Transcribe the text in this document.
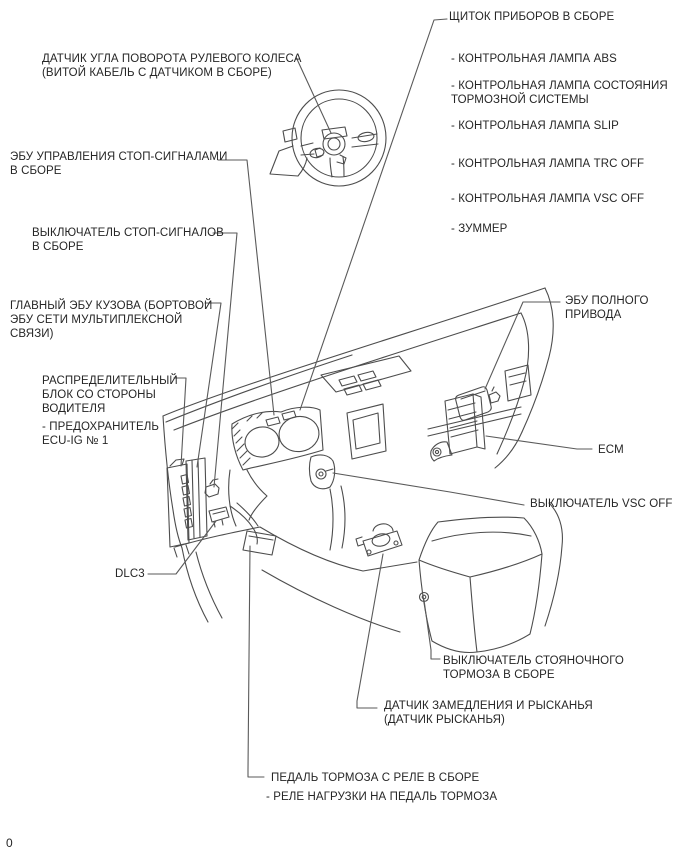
ДАТЧИК УГЛА ПОВОРОТА РУЛЕВОГО КОЛЕСА
(ВИТОЙ КАБЕЛЬ С ДАТЧИКОМ В СБОРЕ)
ЭБУ УПРАВЛЕНИЯ СТОП-СИГНАЛАМИ
В СБОРЕ
ЩИТОК ПРИБОРОВ В СБОРЕ
- КОНТРОЛЬНАЯ ЛАМПА ABS
- КОНТРОЛЬНАЯ ЛАМПА СОСТОЯНИЯ
ТОРМОЗНОЙ СИСТЕМЫ
- КОНТРОЛЬНАЯ ЛАМПА SLIP
- КОНТРОЛЬНАЯ ЛАМПА TRC OFF
- КОНТРОЛЬНАЯ ЛАМПА VSC OFF
- ЗУММЕР
ВЫКЛЮЧАТЕЛЬ СТОП-СИГНАЛОВ
В СБОРЕ
ГЛАВНЫЙ ЭБУ КУЗОВА (БОРТОВОЙ
ЭБУ СЕТИ МУЛЬТИПЛЕКСНОЙ
СВЯЗИ)
РАСПРЕДЕЛИТЕЛЬНЫЙ
БЛОК СО СТОРОНЫ
ВОДИТЕЛЯ
- ПРЕДОХРАНИТЕЛЬ
ECU-IG № 1
ЭБУ ПОЛНОГО
ПРИВОДА
ECM
ВЫКЛЮЧАТЕЛЬ VSC OFF
DLC3
ВЫКЛЮЧАТЕЛЬ СТОЯНОЧНОГО
ТОРМОЗА В СБОРЕ
ДАТЧИК ЗАМЕДЛЕНИЯ И РЫСКАНЬЯ
(ДАТЧИК РЫСКАНЬЯ)
ПЕДАЛЬ ТОРМОЗА С РЕЛЕ В СБОРЕ
- РЕЛЕ НАГРУЗКИ НА ПЕДАЛЬ ТОРМОЗА
0
